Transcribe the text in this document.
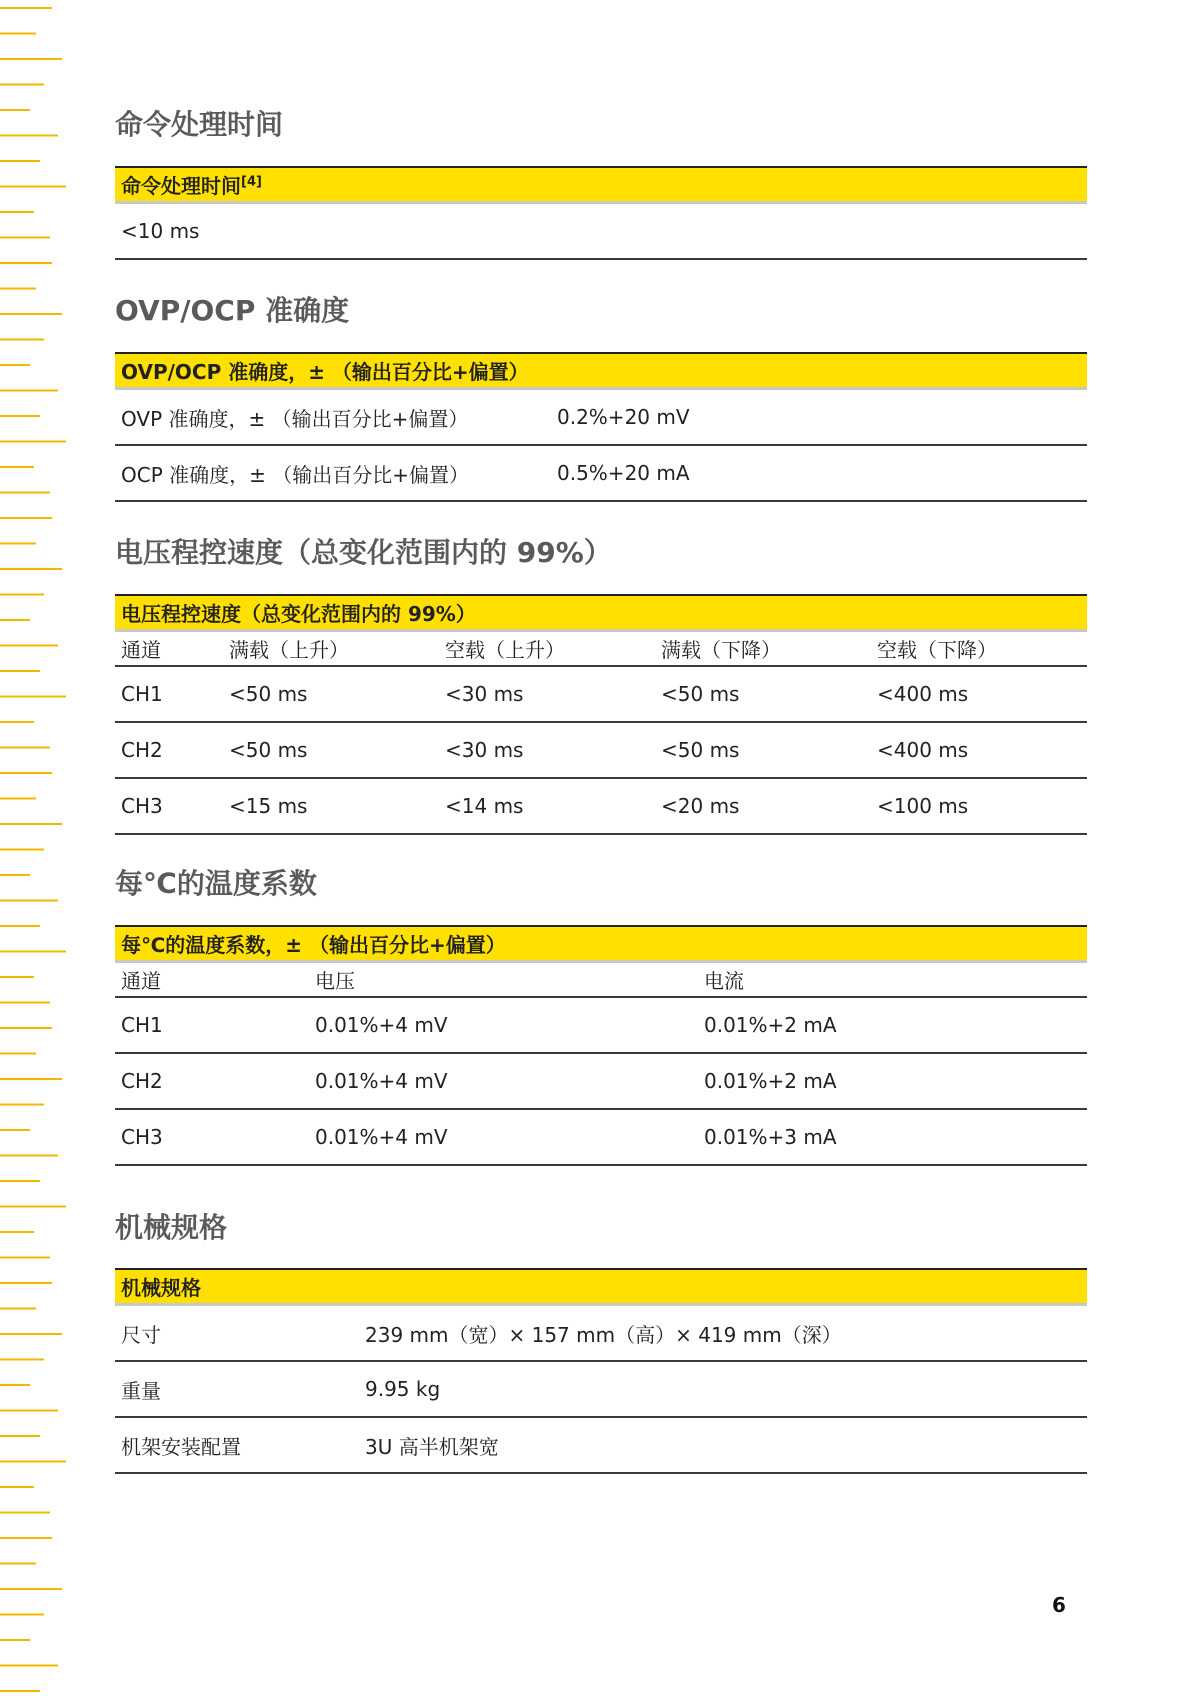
命令处理时间
命令处理时间[4]
<10 ms
OVP/OCP 准确度
OVP/OCP 准确度，± （输出百分比+偏置）	
OVP 准确度，± （输出百分比+偏置）	0.2%+20 mV
OCP 准确度，± （输出百分比+偏置）	0.5%+20 mA
电压程控速度（总变化范围内的 99%）
电压程控速度（总变化范围内的 99%）				
通道	满载（上升）	空载（上升）	满载（下降）	空载（下降）
CH1	<50 ms	<30 ms	<50 ms	<400 ms
CH2	<50 ms	<30 ms	<50 ms	<400 ms
CH3	<15 ms	<14 ms	<20 ms	<100 ms
每℃的温度系数
每℃的温度系数，± （输出百分比+偏置）		
通道	电压	电流
CH1	0.01%+4 mV	0.01%+2 mA
CH2	0.01%+4 mV	0.01%+2 mA
CH3	0.01%+4 mV	0.01%+3 mA
机械规格
机械规格	
尺寸	239 mm（宽）× 157 mm（高）× 419 mm（深）
重量	9.95 kg
机架安装配置	3U 高半机架宽
6
